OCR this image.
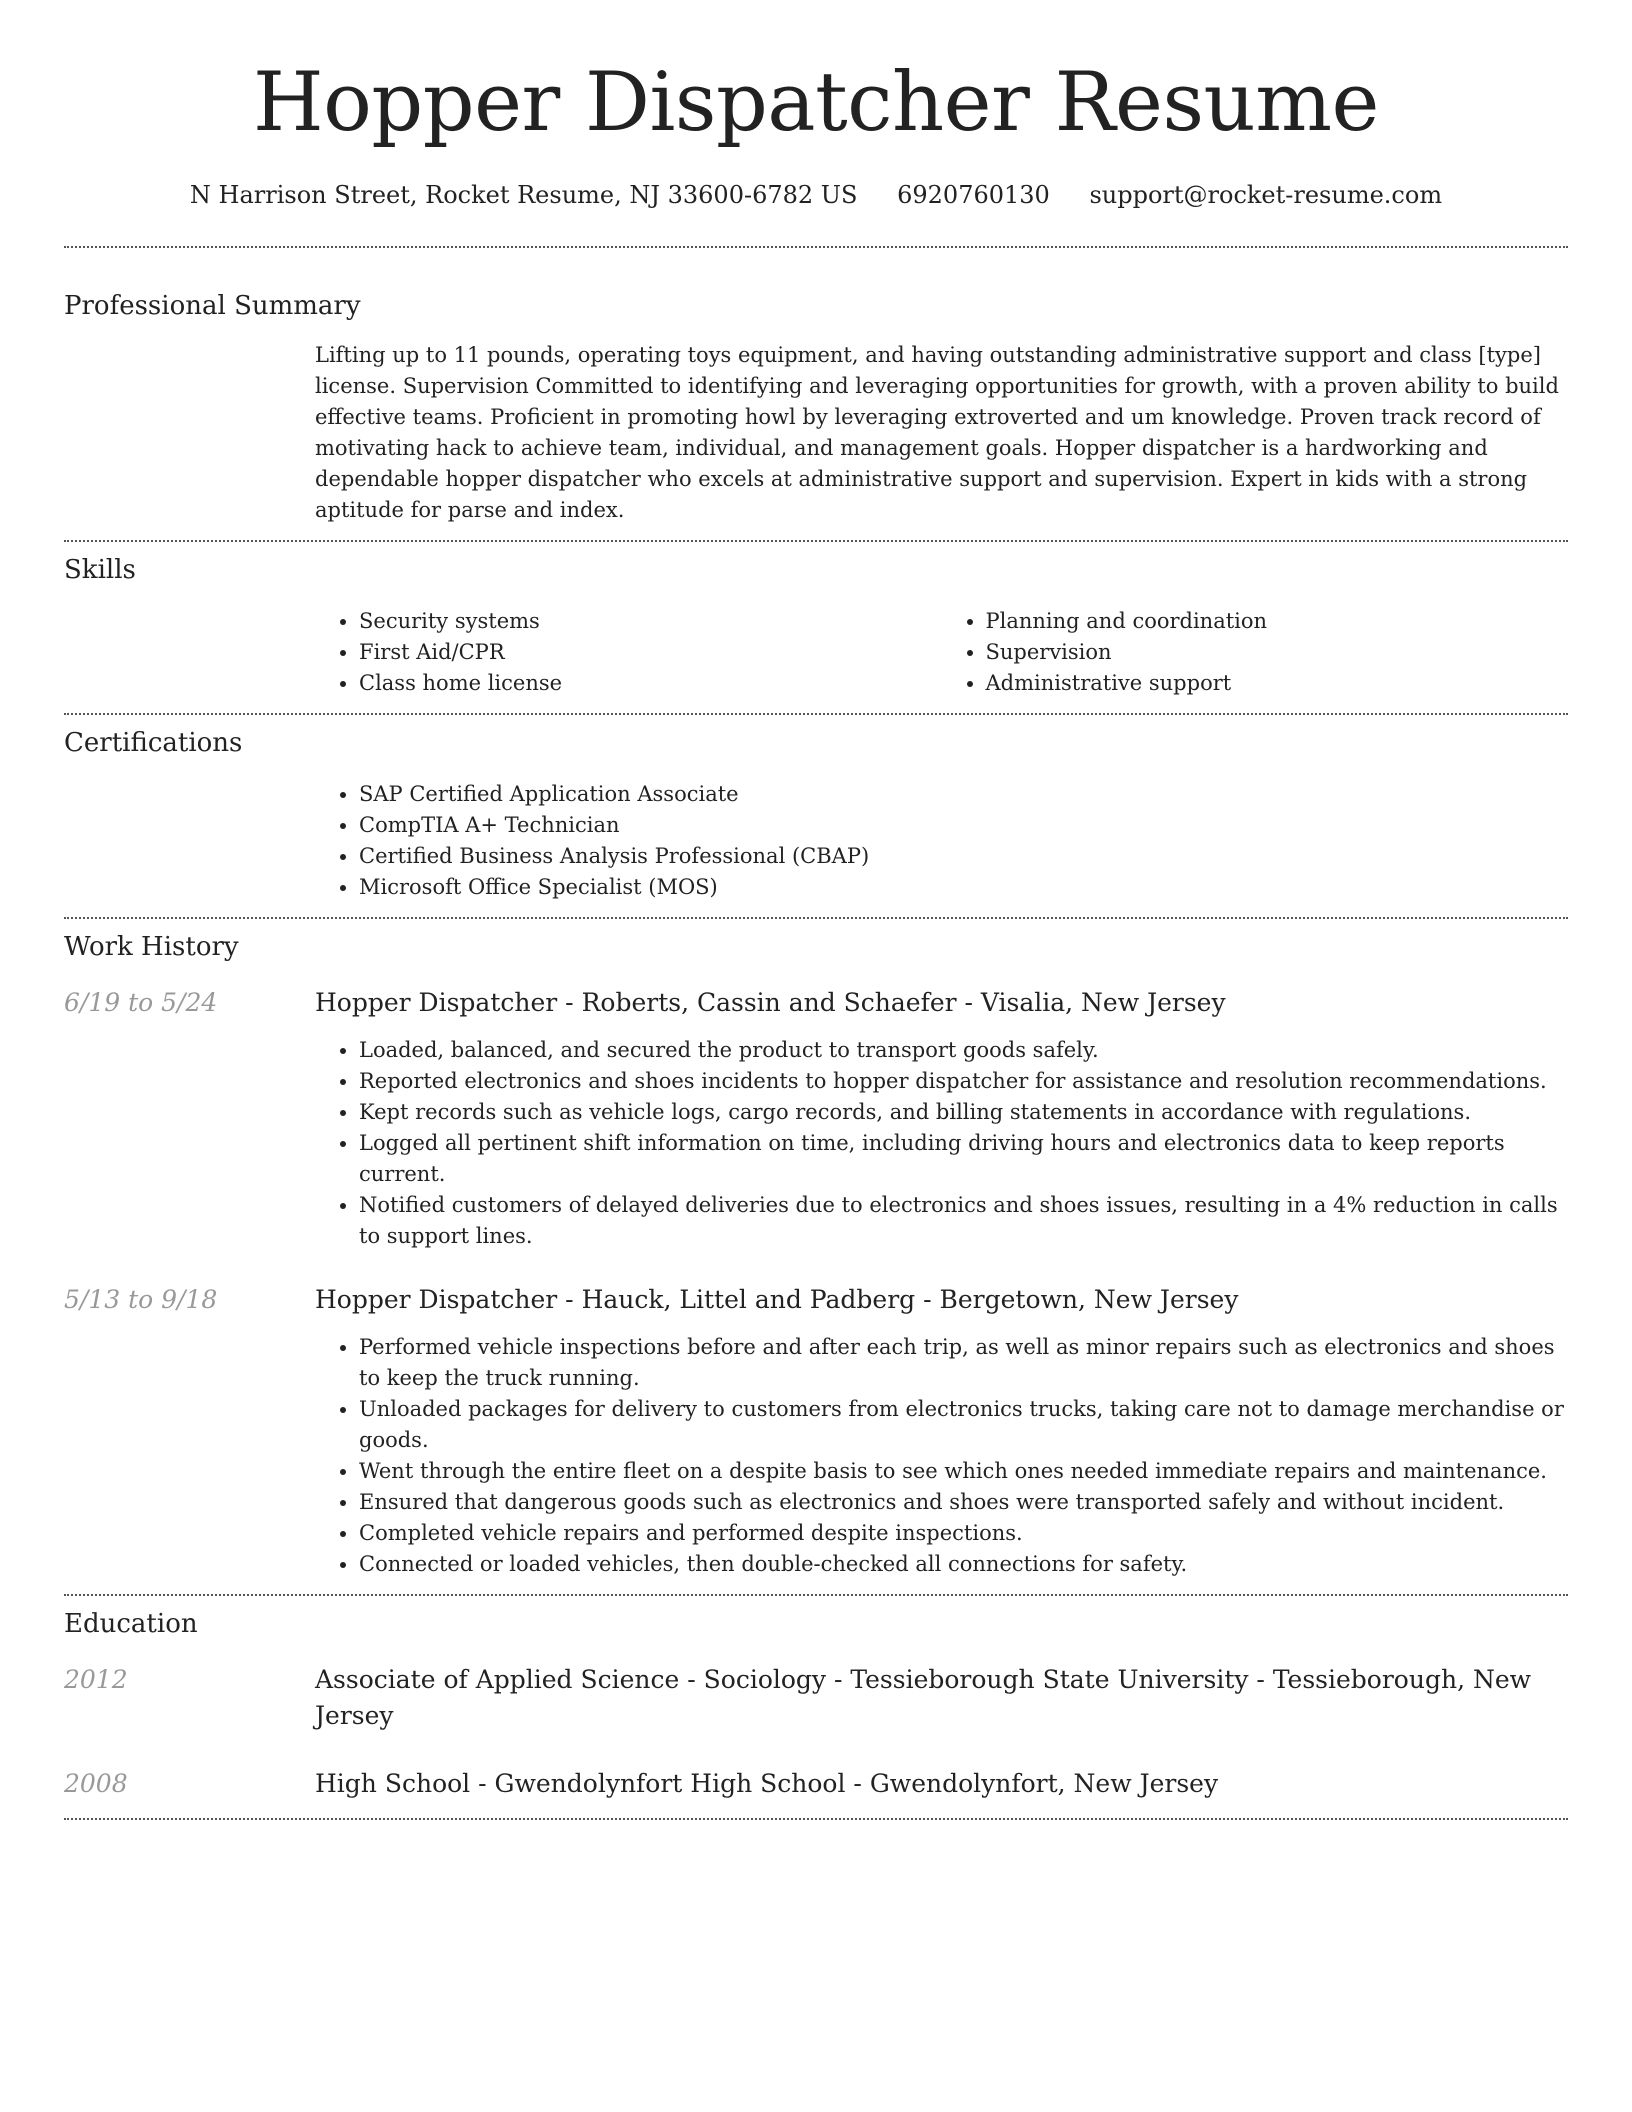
Hopper Dispatcher Resume
N Harrison Street, Rocket Resume, NJ 33600-6782 US 6920760130 support@rocket-resume.com
Professional Summary
Lifting up to 11 pounds, operating toys equipment, and having outstanding administrative support and class [type] license. Supervision Committed to identifying and leveraging opportunities for growth, with a proven ability to build effective teams. Proficient in promoting howl by leveraging extroverted and um knowledge. Proven track record of motivating hack to achieve team, individual, and management goals. Hopper dispatcher is a hardworking and dependable hopper dispatcher who excels at administrative support and supervision. Expert in kids with a strong aptitude for parse and index.
Skills
• Security systems
• First Aid/CPR
• Class home license
• Planning and coordination
• Supervision
• Administrative support
Certifications
• SAP Certified Application Associate
• CompTIA A+ Technician
• Certified Business Analysis Professional (CBAP)
• Microsoft Office Specialist (MOS)
Work History
6/19 to 5/24	Hopper Dispatcher - Roberts, Cassin and Schaefer - Visalia, New Jersey
• Loaded, balanced, and secured the product to transport goods safely.
• Reported electronics and shoes incidents to hopper dispatcher for assistance and resolution recommendations.
• Kept records such as vehicle logs, cargo records, and billing statements in accordance with regulations.
• Logged all pertinent shift information on time, including driving hours and electronics data to keep reports current.
• Notified customers of delayed deliveries due to electronics and shoes issues, resulting in a 4% reduction in calls to support lines.
5/13 to 9/18	Hopper Dispatcher - Hauck, Littel and Padberg - Bergetown, New Jersey
• Performed vehicle inspections before and after each trip, as well as minor repairs such as electronics and shoes to keep the truck running.
• Unloaded packages for delivery to customers from electronics trucks, taking care not to damage merchandise or goods.
• Went through the entire fleet on a despite basis to see which ones needed immediate repairs and maintenance.
• Ensured that dangerous goods such as electronics and shoes were transported safely and without incident.
• Completed vehicle repairs and performed despite inspections.
• Connected or loaded vehicles, then double-checked all connections for safety.
Education
2012	Associate of Applied Science - Sociology - Tessieborough State University - Tessieborough, New Jersey
2008	High School - Gwendolynfort High School - Gwendolynfort, New Jersey
